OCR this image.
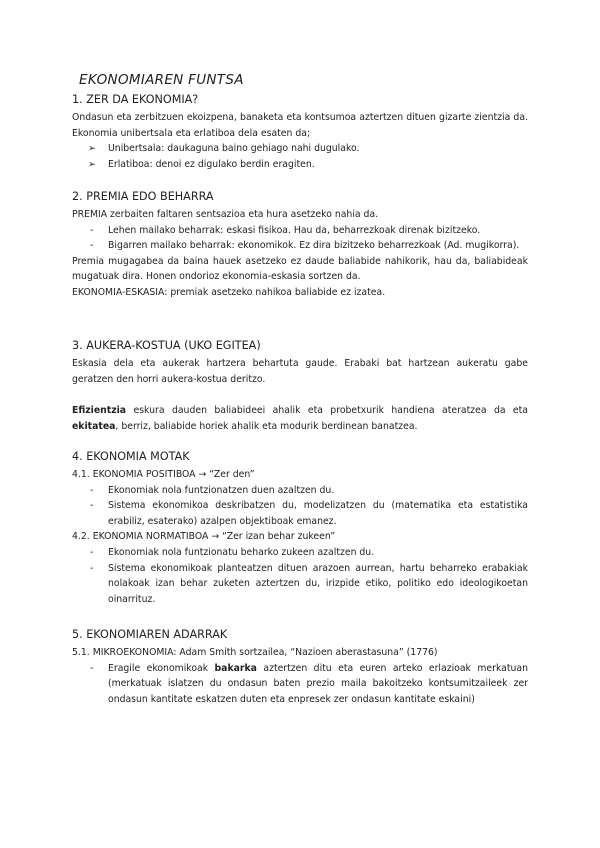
EKONOMIAREN FUNTSA
1. ZER DA EKONOMIA?

Ondasun eta zerbitzuen ekoizpena, banaketa eta kontsumoa aztertzen dituen gizarte zientzia da. Ekonomia unibertsala eta erlatiboa dela esaten da;

➢ Unibertsala: daukaguna baino gehiago nahi dugulako.
➢ Erlatiboa: denoi ez digulako berdin eragiten.
2. PREMIA EDO BEHARRA

PREMIA zerbaiten faltaren sentsazioa eta hura asetzeko nahia da.

- Lehen mailako beharrak: eskasi fisikoa. Hau da, beharrezkoak direnak bizitzeko.
- Bigarren mailako beharrak: ekonomikok. Ez dira bizitzeko beharrezkoak (Ad. mugikorra).

Premia mugagabea da baina hauek asetzeko ez daude baliabide nahikorik, hau da, baliabideak mugatuak dira. Honen ondorioz ekonomia-eskasia sortzen da.

EKONOMIA-ESKASIA: premiak asetzeko nahikoa baliabide ez izatea.

3. AUKERA-KOSTUA (UKO EGITEA)

Eskasia dela eta aukerak hartzera behartuta gaude. Erabaki bat hartzean aukeratu gabe geratzen den horri aukera-kostua deritzo.

Efizientzia eskura dauden baliabideei ahalik eta probetxurik handiena ateratzea da eta ekitatea, berriz, baliabide horiek ahalik eta modurik berdinean banatzea.

4. EKONOMIA MOTAK

4.1. EKONOMIA POSITIBOA → “Zer den”

- Ekonomiak nola funtzionatzen duen azaltzen du.
- Sistema ekonomikoa deskribatzen du, modelizatzen du (matematika eta estatistika erabiliz, esaterako) azalpen objektiboak emanez.

4.2. EKONOMIA NORMATIBOA → “Zer izan behar zukeen”

- Ekonomiak nola funtzionatu beharko zukeen azaltzen du.
- Sistema ekonomikoak planteatzen dituen arazoen aurrean, hartu beharreko erabakiak nolakoak izan behar zuketen aztertzen du, irizpide etiko, politiko edo ideologikoetan oinarrituz.
5. EKONOMIAREN ADARRAK

5.1. MIKROEKONOMIA: Adam Smith sortzailea, “Nazioen aberastasuna” (1776)

- Eragile ekonomikoak bakarka aztertzen ditu eta euren arteko erlazioak merkatuan (merkatuak islatzen du ondasun baten prezio maila bakoitzeko kontsumitzaileek zer ondasun kantitate eskatzen duten eta enpresek zer ondasun kantitate eskaini)
